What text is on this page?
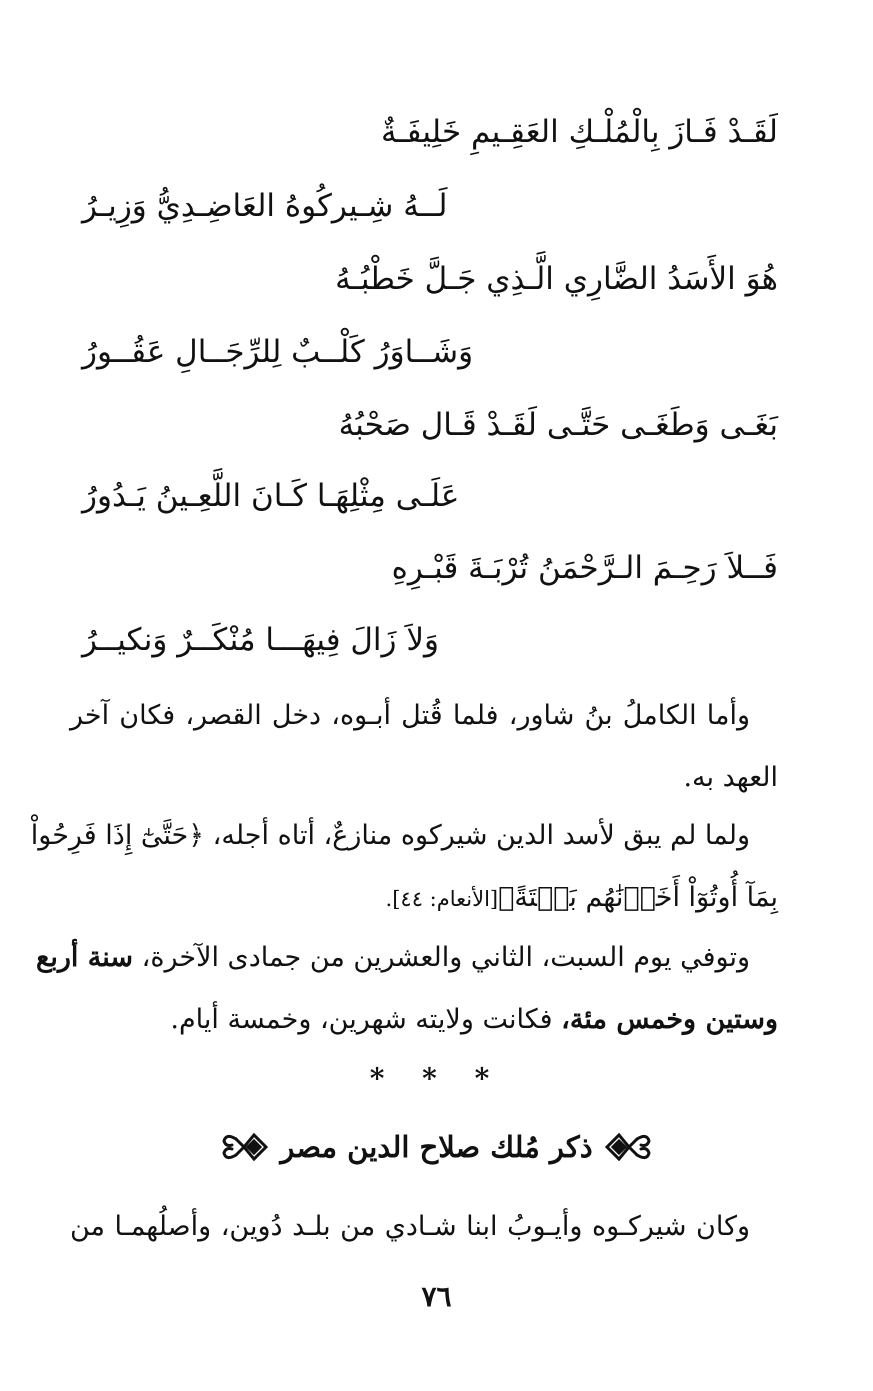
لَقَـدْ فَـازَ بِالْمُلْـكِ العَقِـيمِ خَلِيفَـةٌ
لَــهُ شِـيركُوهُ العَاضِـدِيُّ وَزِيـرُ
هُوَ الأَسَدُ الضَّارِي الَّـذِي جَـلَّ خَطْبُـهُ
وَشَــاوَرُ كَلْــبٌ لِلرِّجَــالِ عَقُــورُ
بَغَـى وَطَغَـى حَتَّـى لَقَـدْ قَـال صَحْبُهُ
عَلَـى مِثْلِهَـا كَـانَ اللَّعِـينُ يَـدُورُ
فَــلاَ رَحِـمَ الـرَّحْمَنُ تُرْبَـةَ قَبْـرِهِ
وَلاَ زَالَ فِيهَـــا مُنْكَــرٌ وَنكيــرُ
وأما الكاملُ بنُ شاور، فلما قُتل أبـوه، دخل القصر، فكان آخر
العهد به.
ولما لم يبق لأسد الدين شيركوه منازعٌ، أتاه أجله، ﴿حَتَّىٰٓ إِذَا فَرِحُواْ
بِمَآ أُوتُوٓاْ أَخَذۡنَٰهُم بَغۡتَةً﴾[الأنعام: ٤٤].
وتوفي يوم السبت، الثاني والعشرين من جمادى الآخرة، سنة أربع
وستين وخمس مئة، فكانت ولايته شهرين، وخمسة أيام.
* * *
ذكر مُلك صلاح الدين مصر
وكان شيركـوه وأيـوبُ ابنا شـادي من بلـد دُوين، وأصلُهمـا من
٧٦
